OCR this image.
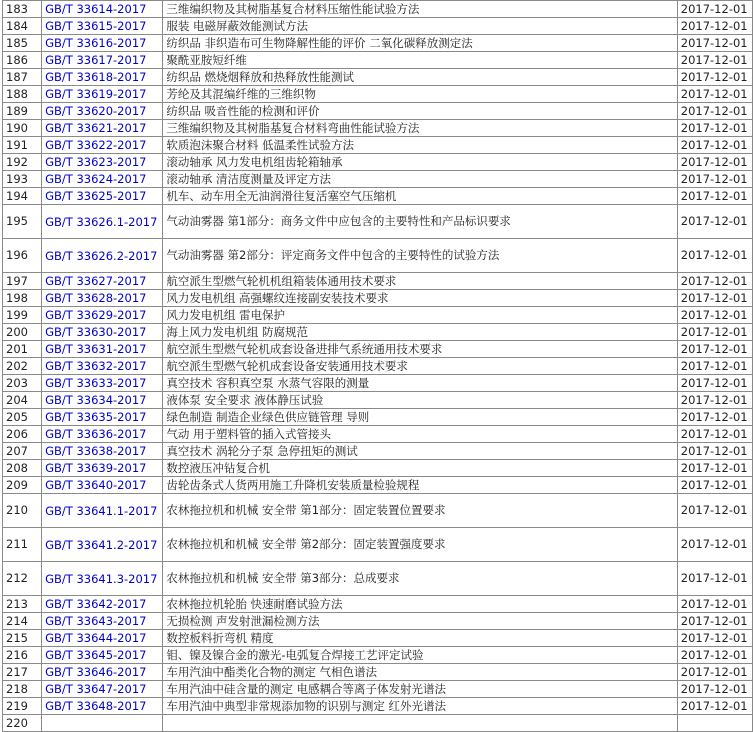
183	GB/T 33614-2017	三维编织物及其树脂基复合材料压缩性能试验方法	2017-12-01
184	GB/T 33615-2017	服装 电磁屏蔽效能测试方法	2017-12-01
185	GB/T 33616-2017	纺织品 非织造布可生物降解性能的评价 二氧化碳释放测定法	2017-12-01
186	GB/T 33617-2017	聚酰亚胺短纤维	2017-12-01
187	GB/T 33618-2017	纺织品 燃烧烟释放和热释放性能测试	2017-12-01
188	GB/T 33619-2017	芳纶及其混编纤维的三维织物	2017-12-01
189	GB/T 33620-2017	纺织品 吸音性能的检测和评价	2017-12-01
190	GB/T 33621-2017	三维编织物及其树脂基复合材料弯曲性能试验方法	2017-12-01
191	GB/T 33622-2017	软质泡沫聚合材料 低温柔性试验方法	2017-12-01
192	GB/T 33623-2017	滚动轴承 风力发电机组齿轮箱轴承	2017-12-01
193	GB/T 33624-2017	滚动轴承 清洁度测量及评定方法	2017-12-01
194	GB/T 33625-2017	机车、动车用全无油润滑往复活塞空气压缩机	2017-12-01
195	GB/T 33626.1-2017	气动油雾器 第1部分：商务文件中应包含的主要特性和产品标识要求	2017-12-01
196	GB/T 33626.2-2017	气动油雾器 第2部分：评定商务文件中包含的主要特性的试验方法	2017-12-01
197	GB/T 33627-2017	航空派生型燃气轮机机组箱装体通用技术要求	2017-12-01
198	GB/T 33628-2017	风力发电机组 高强螺纹连接副安装技术要求	2017-12-01
199	GB/T 33629-2017	风力发电机组 雷电保护	2017-12-01
200	GB/T 33630-2017	海上风力发电机组 防腐规范	2017-12-01
201	GB/T 33631-2017	航空派生型燃气轮机成套设备进排气系统通用技术要求	2017-12-01
202	GB/T 33632-2017	航空派生型燃气轮机成套设备安装通用技术要求	2017-12-01
203	GB/T 33633-2017	真空技术 容积真空泵 水蒸气容限的测量	2017-12-01
204	GB/T 33634-2017	液体泵 安全要求 液体静压试验	2017-12-01
205	GB/T 33635-2017	绿色制造 制造企业绿色供应链管理 导则	2017-12-01
206	GB/T 33636-2017	气动 用于塑料管的插入式管接头	2017-12-01
207	GB/T 33638-2017	真空技术 涡轮分子泵 急停扭矩的测试	2017-12-01
208	GB/T 33639-2017	数控液压冲钻复合机	2017-12-01
209	GB/T 33640-2017	齿轮齿条式人货两用施工升降机安装质量检验规程	2017-12-01
210	GB/T 33641.1-2017	农林拖拉机和机械 安全带 第1部分：固定装置位置要求	2017-12-01
211	GB/T 33641.2-2017	农林拖拉机和机械 安全带 第2部分：固定装置强度要求	2017-12-01
212	GB/T 33641.3-2017	农林拖拉机和机械 安全带 第3部分：总成要求	2017-12-01
213	GB/T 33642-2017	农林拖拉机轮胎 快速耐磨试验方法	2017-12-01
214	GB/T 33643-2017	无损检测 声发射泄漏检测方法	2017-12-01
215	GB/T 33644-2017	数控板料折弯机 精度	2017-12-01
216	GB/T 33645-2017	钼、镍及镍合金的激光-电弧复合焊接工艺评定试验	2017-12-01
217	GB/T 33646-2017	车用汽油中酯类化合物的测定 气相色谱法	2017-12-01
218	GB/T 33647-2017	车用汽油中硅含量的测定 电感耦合等离子体发射光谱法	2017-12-01
219	GB/T 33648-2017	车用汽油中典型非常规添加物的识别与测定 红外光谱法	2017-12-01
220			
